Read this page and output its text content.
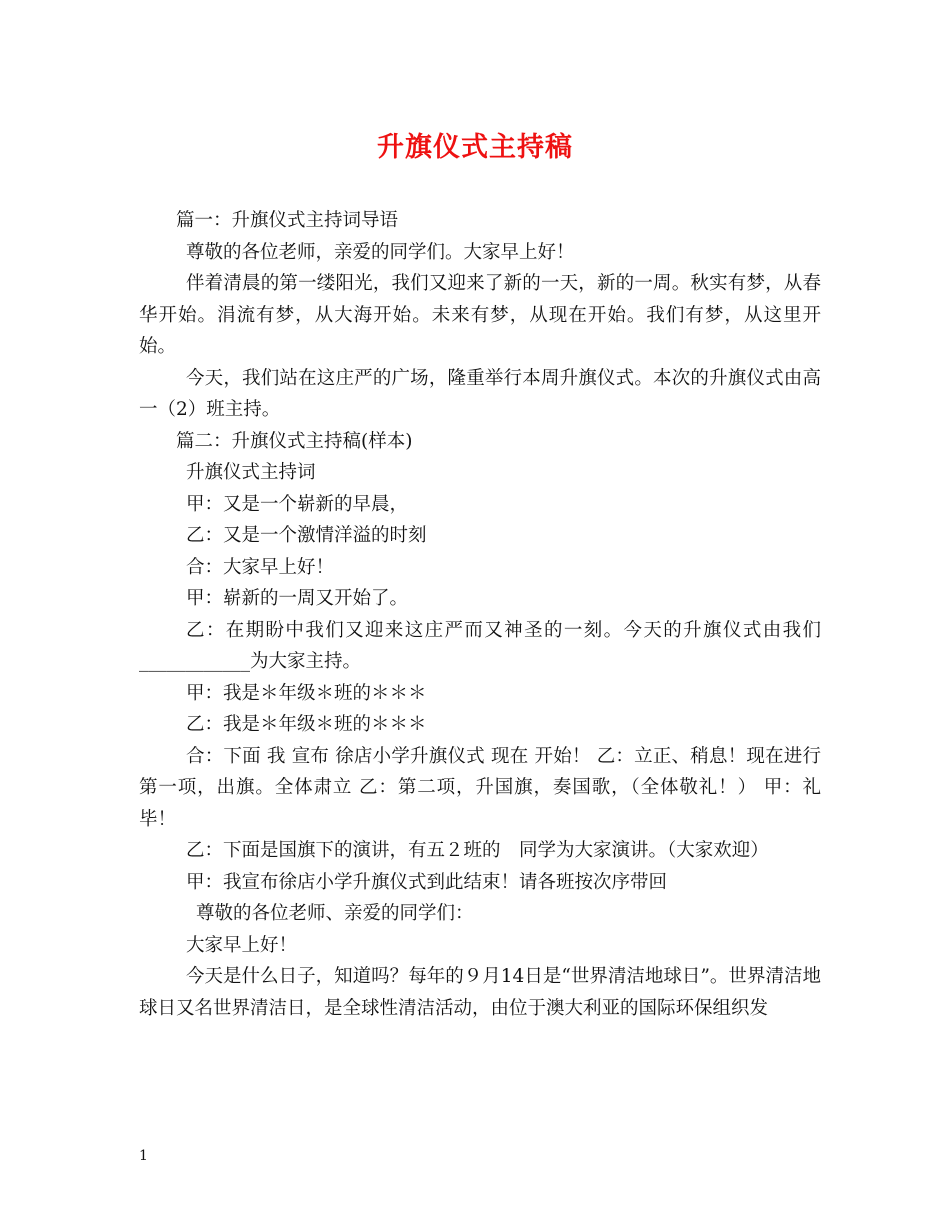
升旗仪式主持稿

篇一：升旗仪式主持词导语

尊敬的各位老师，亲爱的同学们。大家早上好！

伴着清晨的第一缕阳光，我们又迎来了新的一天，新的一周。秋实有梦，从春华开始。涓流有梦，从大海开始。未来有梦，从现在开始。我们有梦，从这里开始。

今天，我们站在这庄严的广场，隆重举行本周升旗仪式。本次的升旗仪式由高一（2）班主持。

篇二：升旗仪式主持稿(样本)

升旗仪式主持词

甲：又是一个崭新的早晨，

乙：又是一个激情洋溢的时刻

合：大家早上好！

甲：崭新的一周又开始了。

乙：在期盼中我们又迎来这庄严而又神圣的一刻。今天的升旗仪式由我们____________为大家主持。

甲：我是＊年级＊班的＊＊＊

乙：我是＊年级＊班的＊＊＊

合：下面 我 宣布 徐店小学升旗仪式 现在 开始！ 乙：立正、稍息！现在进行第一项，出旗。全体肃立 乙：第二项，升国旗，奏国歌，（全体敬礼！） 甲：礼毕！

乙：下面是国旗下的演讲，有五２班的　同学为大家演讲。（大家欢迎）

甲：我宣布徐店小学升旗仪式到此结束！请各班按次序带回

尊敬的各位老师、亲爱的同学们：

大家早上好！

今天是什么日子，知道吗？每年的９月14日是“世界清洁地球日”。世界清洁地球日又名世界清洁日，是全球性清洁活动，由位于澳大利亚的国际环保组织发

1
